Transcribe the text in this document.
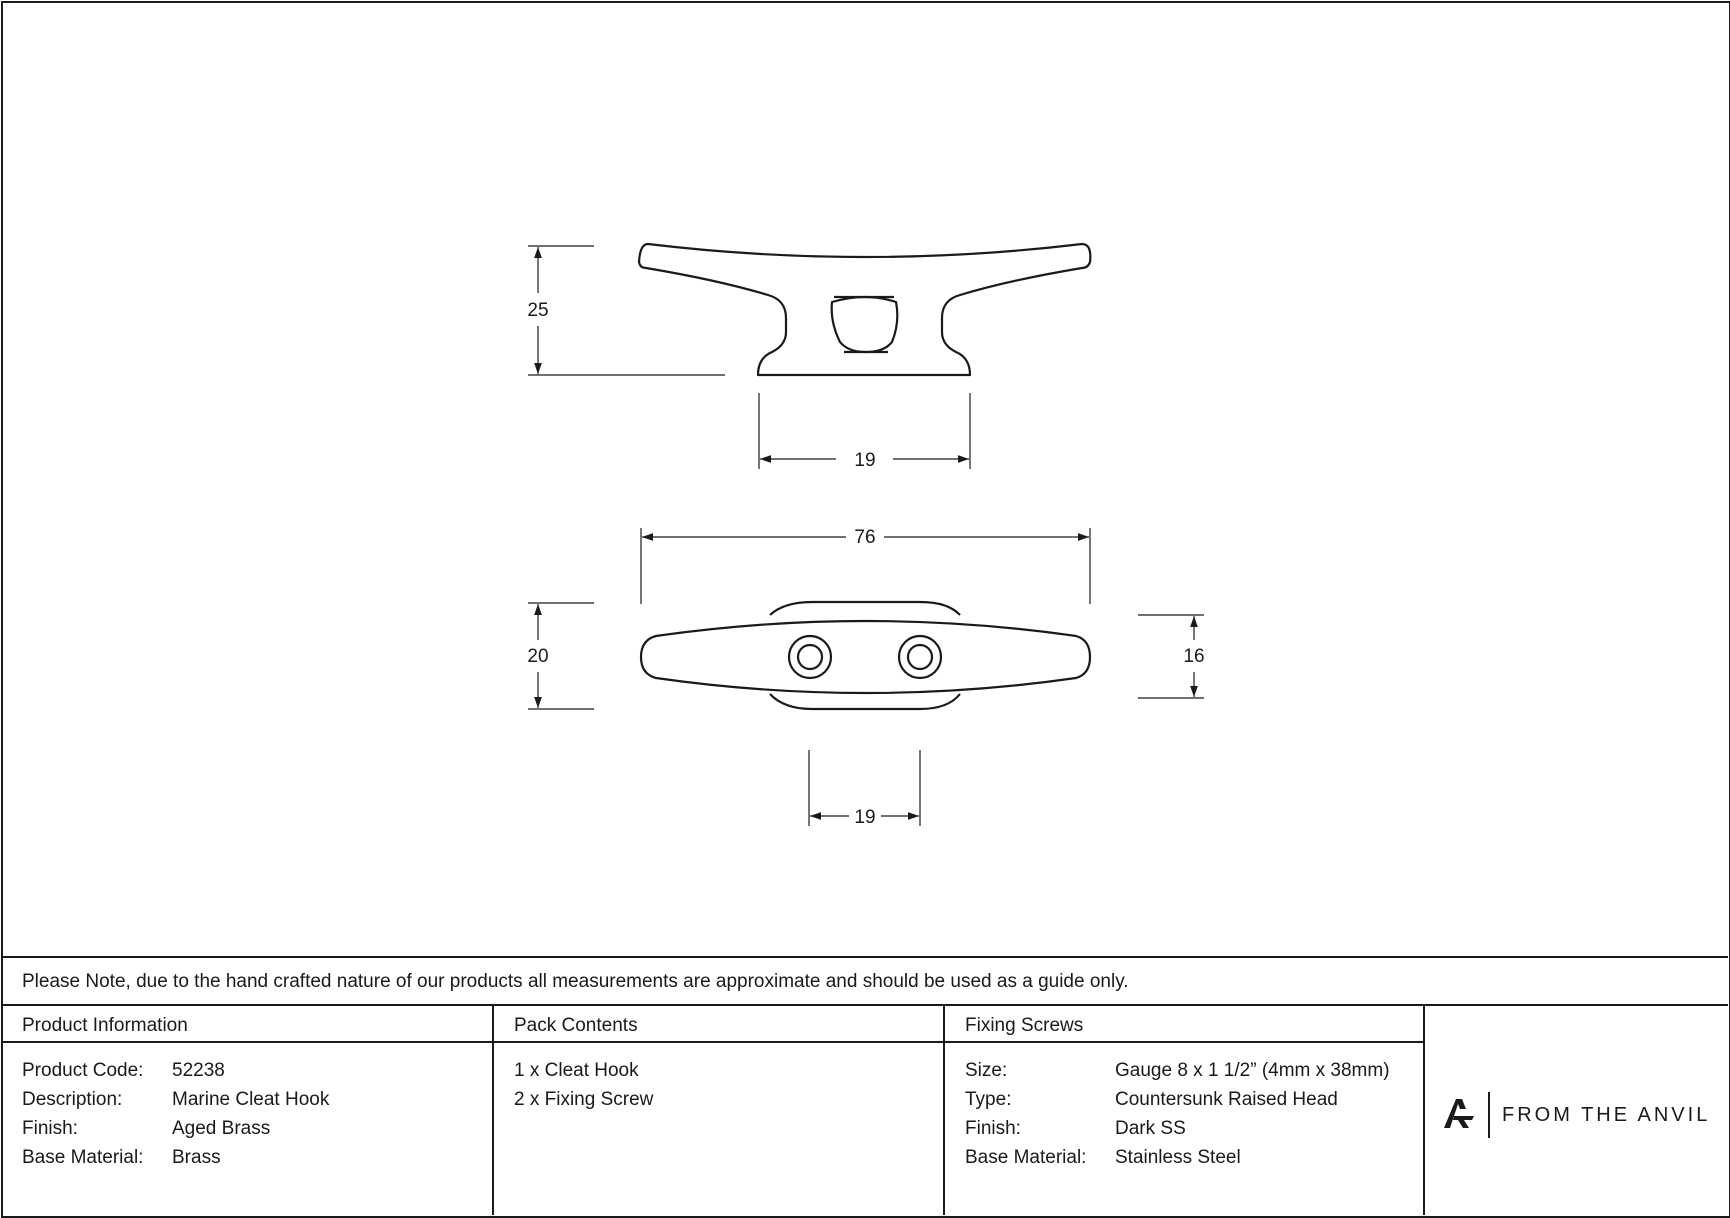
25
19
76
20	16
19
Please Note, due to the hand crafted nature of our products all measurements are approximate and should be used as a guide only.
Product Information
Product Code: 52238
Description:	Marine Cleat Hook
Finish:	Aged Brass
Base Material: Brass
Pack Contents
1 x Cleat Hook
2 x Fixing Screw
Fixing Screws
Size:	Gauge 8 x 1 1/2” (4mm x 38mm)
Type:	Countersunk Raised Head
Finish:	Dark SS
Base Material: Stainless Steel
FROM THE ANVIL
